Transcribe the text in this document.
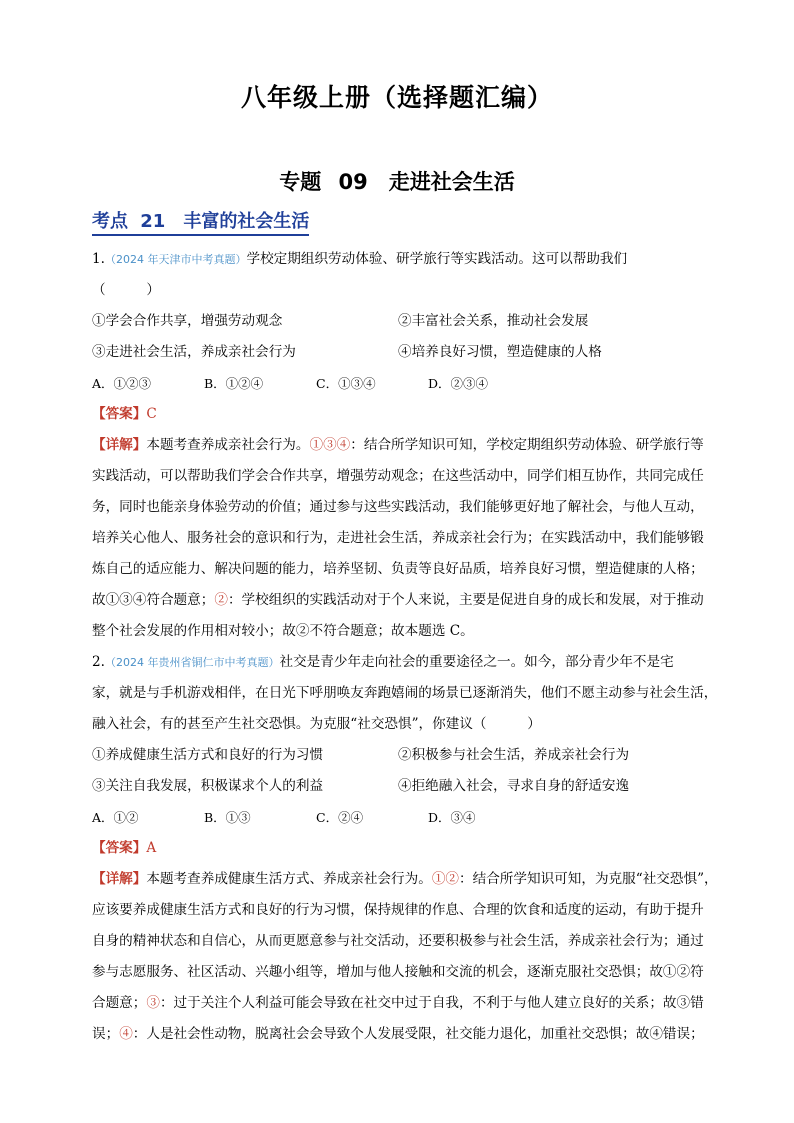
八年级上册（选择题汇编）
专题 09　走进社会生活
考点 21　丰富的社会生活
1.（2024 年天津市中考真题）学校定期组织劳动体验、研学旅行等实践活动。这可以帮助我们
（　　　）
①学会合作共享，增强劳动观念	②丰富社会关系，推动社会发展
③走进社会生活，养成亲社会行为	④培养良好习惯，塑造健康的人格
A．①②③	B．①②④	C．①③④	D．②③④
【答案】C
【详解】本题考查养成亲社会行为。①③④：结合所学知识可知，学校定期组织劳动体验、研学旅行等
实践活动，可以帮助我们学会合作共享，增强劳动观念；在这些活动中，同学们相互协作，共同完成任
务，同时也能亲身体验劳动的价值；通过参与这些实践活动，我们能够更好地了解社会，与他人互动，
培养关心他人、服务社会的意识和行为，走进社会生活，养成亲社会行为；在实践活动中，我们能够锻
炼自己的适应能力、解决问题的能力，培养坚韧、负责等良好品质，培养良好习惯，塑造健康的人格；
故①③④符合题意；②：学校组织的实践活动对于个人来说，主要是促进自身的成长和发展，对于推动
整个社会发展的作用相对较小；故②不符合题意；故本题选 C。
2.（2024 年贵州省铜仁市中考真题）社交是青少年走向社会的重要途径之一。如今，部分青少年不是宅
家，就是与手机游戏相伴，在日光下呼朋唤友奔跑嬉闹的场景已逐渐消失，他们不愿主动参与社会生活，
融入社会，有的甚至产生社交恐惧。为克服“社交恐惧”，你建议（　　　）
①养成健康生活方式和良好的行为习惯	②积极参与社会生活，养成亲社会行为
③关注自我发展，积极谋求个人的利益	④拒绝融入社会，寻求自身的舒适安逸
A．①②	B．①③	C．②④	D．③④
【答案】A
【详解】本题考查养成健康生活方式、养成亲社会行为。①②：结合所学知识可知，为克服“社交恐惧”，
应该要养成健康生活方式和良好的行为习惯，保持规律的作息、合理的饮食和适度的运动，有助于提升
自身的精神状态和自信心，从而更愿意参与社交活动，还要积极参与社会生活，养成亲社会行为；通过
参与志愿服务、社区活动、兴趣小组等，增加与他人接触和交流的机会，逐渐克服社交恐惧；故①②符
合题意；③：过于关注个人利益可能会导致在社交中过于自我，不利于与他人建立良好的关系；故③错
误；④：人是社会性动物，脱离社会会导致个人发展受限，社交能力退化，加重社交恐惧；故④错误；
